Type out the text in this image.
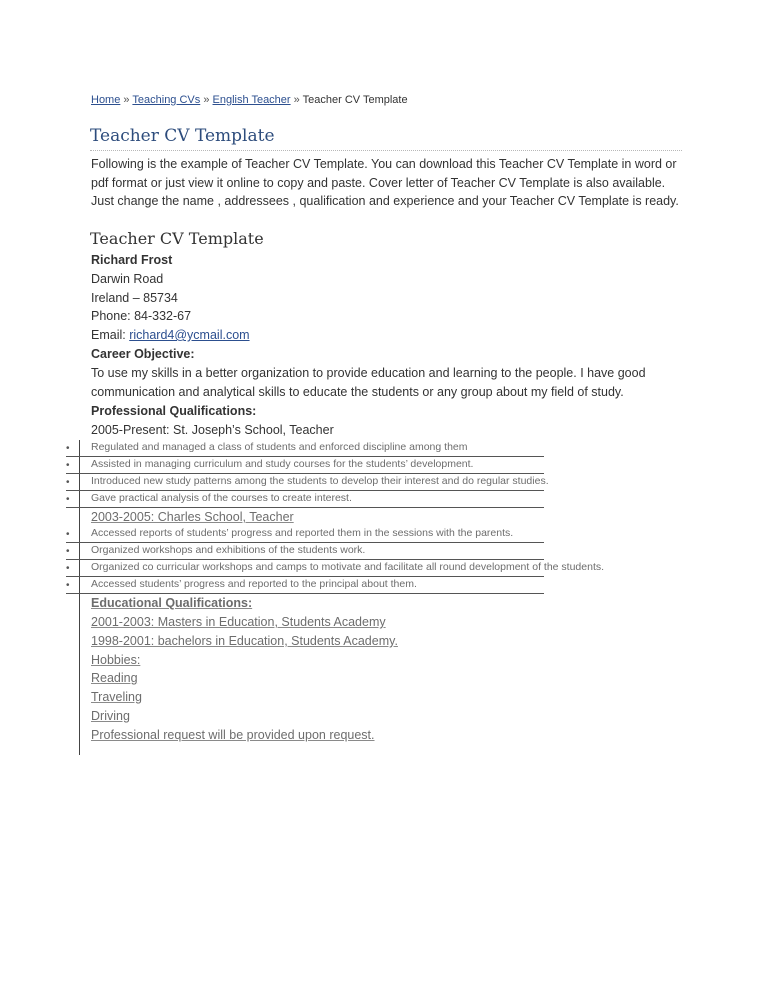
Home » Teaching CVs » English Teacher » Teacher CV Template
Teacher CV Template

Following is the example of Teacher CV Template. You can download this Teacher CV Template in word or pdf format or just view it online to copy and paste. Cover letter of Teacher CV Template is also available. Just change the name , addressees , qualification and experience and your Teacher CV Template is ready.

Teacher CV Template
Richard Frost
Darwin Road
Ireland – 85734
Phone: 84-332-67
Email: richard4@ycmail.com
Career Objective:

To use my skills in a better organization to provide education and learning to the people. I have good communication and analytical skills to educate the students or any group about my field of study.

Professional Qualifications:
2005-Present: St. Joseph’s School, Teacher
• Regulated and managed a class of students and enforced discipline among them
• Assisted in managing curriculum and study courses for the students’ development.
• Introduced new study patterns among the students to develop their interest and do regular studies.
• Gave practical analysis of the courses to create interest.
2003-2005: Charles School, Teacher
• Accessed reports of students’ progress and reported them in the sessions with the parents.
• Organized workshops and exhibitions of the students work.
• Organized co curricular workshops and camps to motivate and facilitate all round development of the students.
• Accessed students’ progress and reported to the principal about them.
Educational Qualifications:
2001-2003: Masters in Education, Students Academy
1998-2001: bachelors in Education, Students Academy.
Hobbies:
Reading
Traveling
Driving
Professional request will be provided upon request.
